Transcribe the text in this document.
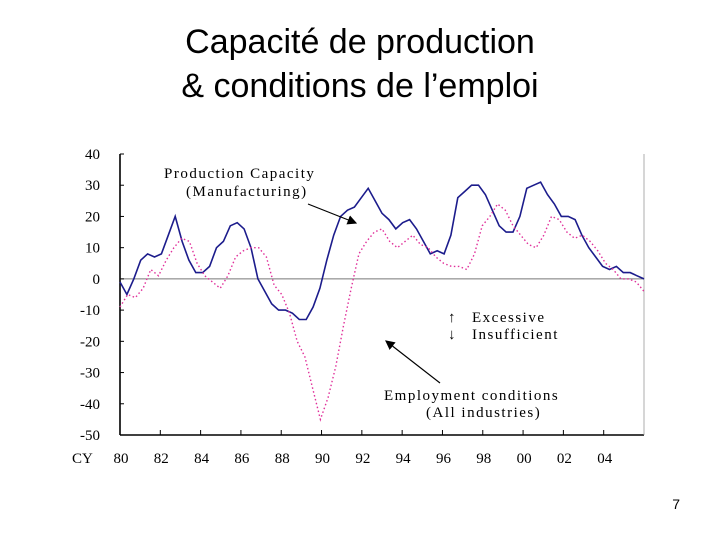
Capacité de production
& conditions de l’emploi
40
30
20
10
0
-10
-20
-30
-40
-50
CY 80 82 84 86 88 90 92 94 96 98 00 02 04
Production Capacity
(Manufacturing)
↑ Excessive
↓ Insufficient
Employment conditions
(All industries)
7
